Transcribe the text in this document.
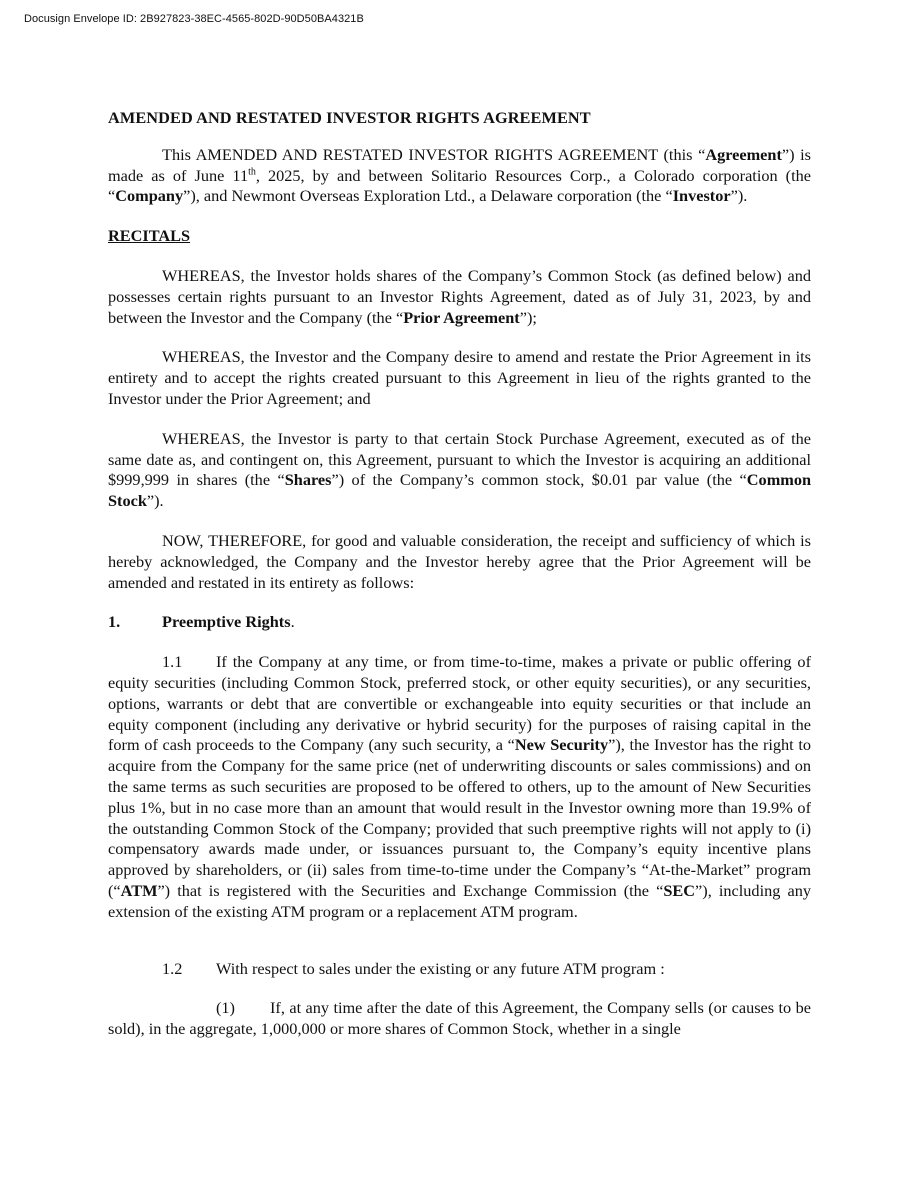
Docusign Envelope ID: 2B927823-38EC-4565-802D-90D50BA4321B

AMENDED AND RESTATED INVESTOR RIGHTS AGREEMENT

This AMENDED AND RESTATED INVESTOR RIGHTS AGREEMENT (this “Agreement”) is made as of June 11th, 2025, by and between Solitario Resources Corp., a Colorado corporation (the “Company”), and Newmont Overseas Exploration Ltd., a Delaware corporation (the “Investor”).

RECITALS

WHEREAS, the Investor holds shares of the Company’s Common Stock (as defined below) and possesses certain rights pursuant to an Investor Rights Agreement, dated as of July 31, 2023, by and between the Investor and the Company (the “Prior Agreement”);

WHEREAS, the Investor and the Company desire to amend and restate the Prior Agreement in its entirety and to accept the rights created pursuant to this Agreement in lieu of the rights granted to the Investor under the Prior Agreement; and

WHEREAS, the Investor is party to that certain Stock Purchase Agreement, executed as of the same date as, and contingent on, this Agreement, pursuant to which the Investor is acquiring an additional $999,999 in shares (the “Shares”) of the Company’s common stock, $0.01 par value (the “Common Stock”).

NOW, THEREFORE, for good and valuable consideration, the receipt and sufficiency of which is hereby acknowledged, the Company and the Investor hereby agree that the Prior Agreement will be amended and restated in its entirety as follows:

1.	Preemptive Rights.

1.1 If the Company at any time, or from time-to-time, makes a private or public offering of equity securities (including Common Stock, preferred stock, or other equity securities), or any securities, options, warrants or debt that are convertible or exchangeable into equity securities or that include an equity component (including any derivative or hybrid security) for the purposes of raising capital in the form of cash proceeds to the Company (any such security, a “New Security”), the Investor has the right to acquire from the Company for the same price (net of underwriting discounts or sales commissions) and on the same terms as such securities are proposed to be offered to others, up to the amount of New Securities plus 1%, but in no case more than an amount that would result in the Investor owning more than 19.9% of the outstanding Common Stock of the Company; provided that such preemptive rights will not apply to (i) compensatory awards made under, or issuances pursuant to, the Company’s equity incentive plans approved by shareholders, or (ii) sales from time-to-time under the Company’s “At-the-Market” program (“ATM”) that is registered with the Securities and Exchange Commission (the “SEC”), including any extension of the existing ATM program or a replacement ATM program.

1.2 With respect to sales under the existing or any future ATM program :

(1) If, at any time after the date of this Agreement, the Company sells (or causes to be sold), in the aggregate, 1,000,000 or more shares of Common Stock, whether in a single
